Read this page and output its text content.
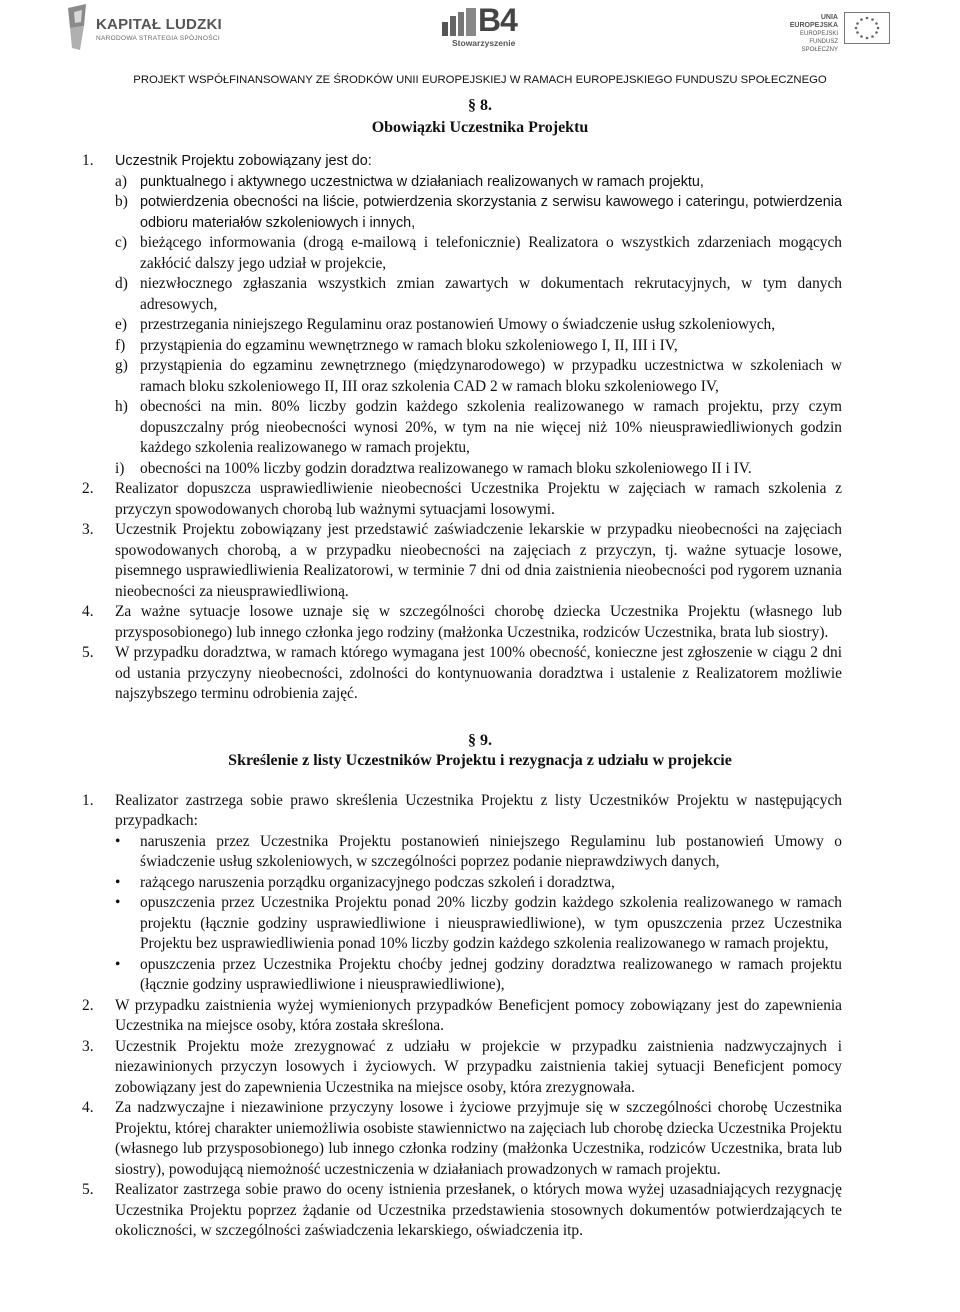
KAPITAŁ LUDZKI
NARODOWA STRATEGIA SPÓJNOŚCI
B4
Stowarzyszenie
UNIA EUROPEJSKA
EUROPEJSKI
FUNDUSZ SPOŁECZNY
PROJEKT WSPÓŁFINANSOWANY ZE ŚRODKÓW UNII EUROPEJSKIEJ W RAMACH EUROPEJSKIEGO FUNDUSZU SPOŁECZNEGO

§ 8.

Obowiązki Uczestnika Projektu

1. Uczestnik Projektu zobowiązany jest do:
a) punktualnego i aktywnego uczestnictwa w działaniach realizowanych w ramach projektu,
b) potwierdzenia obecności na liście, potwierdzenia skorzystania z serwisu kawowego i cateringu, potwierdzenia odbioru materiałów szkoleniowych i innych,
c) bieżącego informowania (drogą e-mailową i telefonicznie) Realizatora o wszystkich zdarzeniach mogących zakłócić dalszy jego udział w projekcie,
d) niezwłocznego zgłaszania wszystkich zmian zawartych w dokumentach rekrutacyjnych, w tym danych adresowych,
e) przestrzegania niniejszego Regulaminu oraz postanowień Umowy o świadczenie usług szkoleniowych,
f) przystąpienia do egzaminu wewnętrznego w ramach bloku szkoleniowego I, II, III i IV,
g) przystąpienia do egzaminu zewnętrznego (międzynarodowego) w przypadku uczestnictwa w szkoleniach w ramach bloku szkoleniowego II, III oraz szkolenia CAD 2 w ramach bloku szkoleniowego IV,
h) obecności na min. 80% liczby godzin każdego szkolenia realizowanego w ramach projektu, przy czym dopuszczalny próg nieobecności wynosi 20%, w tym na nie więcej niż 10% nieusprawiedliwionych godzin każdego szkolenia realizowanego w ramach projektu,
i) obecności na 100% liczby godzin doradztwa realizowanego w ramach bloku szkoleniowego II i IV.
2. Realizator dopuszcza usprawiedliwienie nieobecności Uczestnika Projektu w zajęciach w ramach szkolenia z przyczyn spowodowanych chorobą lub ważnymi sytuacjami losowymi.
3. Uczestnik Projektu zobowiązany jest przedstawić zaświadczenie lekarskie w przypadku nieobecności na zajęciach spowodowanych chorobą, a w przypadku nieobecności na zajęciach z przyczyn, tj. ważne sytuacje losowe, pisemnego usprawiedliwienia Realizatorowi, w terminie 7 dni od dnia zaistnienia nieobecności pod rygorem uznania nieobecności za nieusprawiedliwioną.
4. Za ważne sytuacje losowe uznaje się w szczególności chorobę dziecka Uczestnika Projektu (własnego lub przysposobionego) lub innego członka jego rodziny (małżonka Uczestnika, rodziców Uczestnika, brata lub siostry).
5. W przypadku doradztwa, w ramach którego wymagana jest 100% obecność, konieczne jest zgłoszenie w ciągu 2 dni od ustania przyczyny nieobecności, zdolności do kontynuowania doradztwa i ustalenie z Realizatorem możliwie najszybszego terminu odrobienia zajęć.

§ 9.

Skreślenie z listy Uczestników Projektu i rezygnacja z udziału w projekcie

1. Realizator zastrzega sobie prawo skreślenia Uczestnika Projektu z listy Uczestników Projektu w następujących przypadkach:
• naruszenia przez Uczestnika Projektu postanowień niniejszego Regulaminu lub postanowień Umowy o świadczenie usług szkoleniowych, w szczególności poprzez podanie nieprawdziwych danych,
• rażącego naruszenia porządku organizacyjnego podczas szkoleń i doradztwa,
• opuszczenia przez Uczestnika Projektu ponad 20% liczby godzin każdego szkolenia realizowanego w ramach projektu (łącznie godziny usprawiedliwione i nieusprawiedliwione), w tym opuszczenia przez Uczestnika Projektu bez usprawiedliwienia ponad 10% liczby godzin każdego szkolenia realizowanego w ramach projektu,
• opuszczenia przez Uczestnika Projektu choćby jednej godziny doradztwa realizowanego w ramach projektu (łącznie godziny usprawiedliwione i nieusprawiedliwione),
2. W przypadku zaistnienia wyżej wymienionych przypadków Beneficjent pomocy zobowiązany jest do zapewnienia Uczestnika na miejsce osoby, która została skreślona.
3. Uczestnik Projektu może zrezygnować z udziału w projekcie w przypadku zaistnienia nadzwyczajnych i niezawinionych przyczyn losowych i życiowych. W przypadku zaistnienia takiej sytuacji Beneficjent pomocy zobowiązany jest do zapewnienia Uczestnika na miejsce osoby, która zrezygnowała.
4. Za nadzwyczajne i niezawinione przyczyny losowe i życiowe przyjmuje się w szczególności chorobę Uczestnika Projektu, której charakter uniemożliwia osobiste stawiennictwo na zajęciach lub chorobę dziecka Uczestnika Projektu (własnego lub przysposobionego) lub innego członka rodziny (małżonka Uczestnika, rodziców Uczestnika, brata lub siostry), powodującą niemożność uczestniczenia w działaniach prowadzonych w ramach projektu.
5. Realizator zastrzega sobie prawo do oceny istnienia przesłanek, o których mowa wyżej uzasadniających rezygnację Uczestnika Projektu poprzez żądanie od Uczestnika przedstawienia stosownych dokumentów potwierdzających te okoliczności, w szczególności zaświadczenia lekarskiego, oświadczenia itp.
